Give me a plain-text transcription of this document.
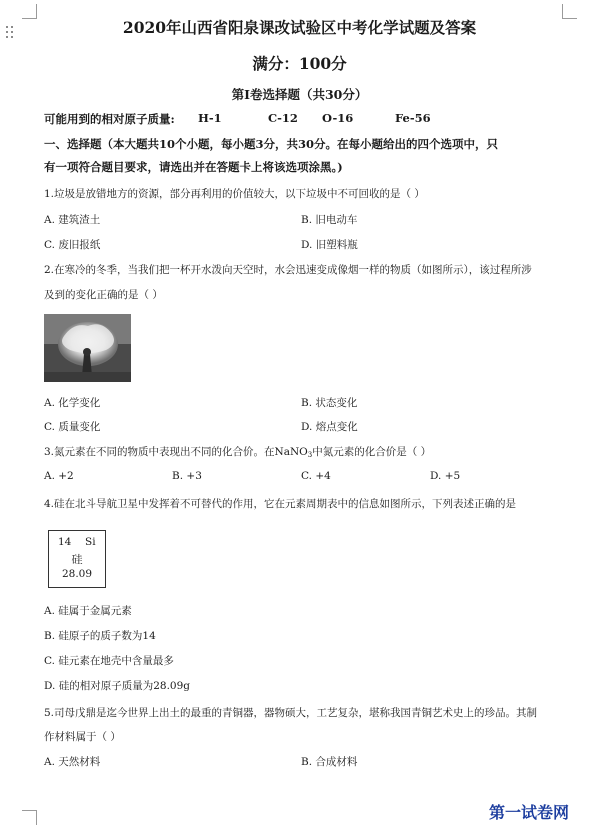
2020年山西省阳泉课改试验区中考化学试题及答案
满分：100分
第Ⅰ卷选择题（共30分）
可能用到的相对原子质量: H-1	C-12 O-16	Fe-56
一、选择题（本大题共10个小题，每小题3分，共30分。在每小题给出的四个选项中，只
有一项符合题目要求，请选出并在答题卡上将该选项涂黑。)
1.垃圾是放错地方的资源，部分再利用的价值较大，以下垃圾中不可回收的是（ ）
A. 建筑渣土	B. 旧电动车
C. 废旧报纸	D. 旧塑料瓶
2.在寒冷的冬季，当我们把一杯开水泼向天空时，水会迅速变成像烟一样的物质（如图所示），该过程所涉
及到的变化正确的是（ ）
A. 化学变化	B. 状态变化
C. 质量变化	D. 熔点变化
3.氮元素在不同的物质中表现出不同的化合价。在NaNO$_3$中氮元素的化合价是（ ）
A. +2	B. +3	C. +4	D. +5
4.硅在北斗导航卫星中发挥着不可替代的作用，它在元素周期表中的信息如图所示，下列表述正确的是
14 Si
硅
28.09
A. 硅属于金属元素
B. 硅原子的质子数为14
C. 硅元素在地壳中含量最多
D. 硅的相对原子质量为28.09g
5.司母戊鼎是迄今世界上出土的最重的青铜器，器物硕大，工艺复杂，堪称我国青铜艺术史上的珍品。其制
作材料属于（ ）
A. 天然材料	B. 合成材料
第一试卷网
